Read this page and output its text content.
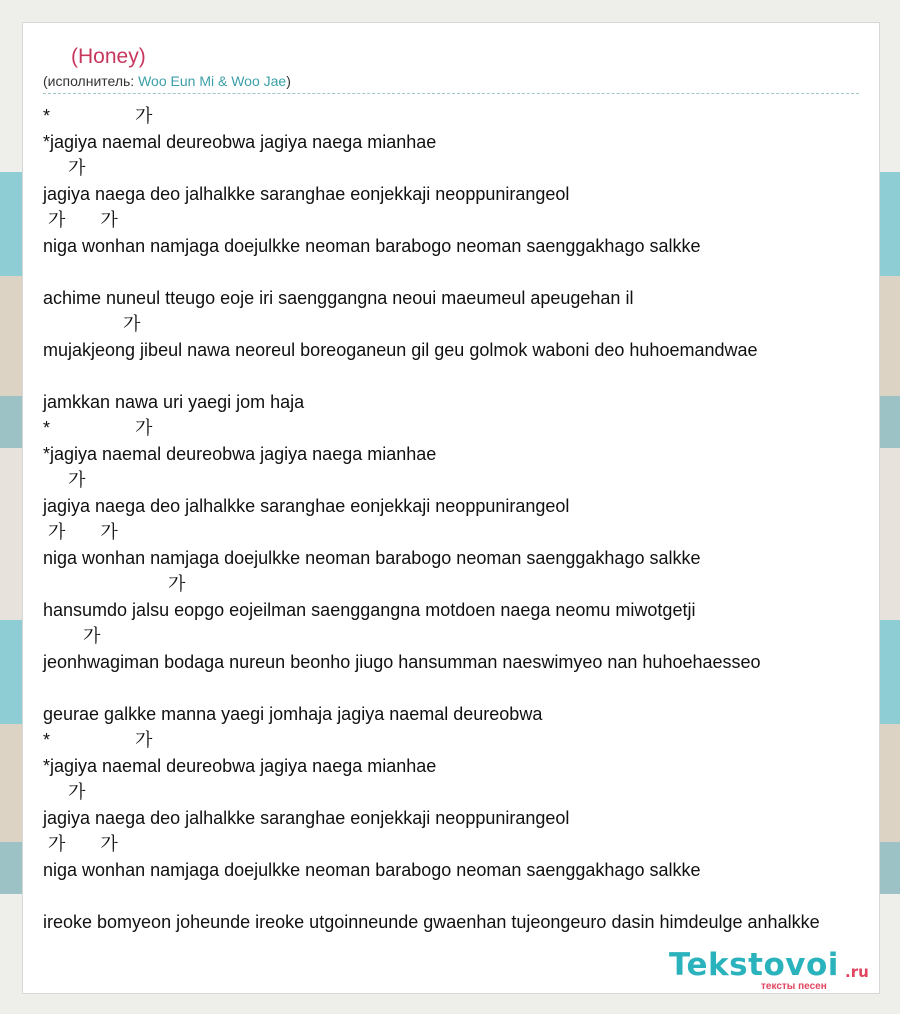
(Honey)
(исполнитель: Woo Eun Mi & Woo Jae)
*                 가
*jagiya naemal deureobwa jagiya naega mianhae
가
jagiya naega deo jalhalkke saranghae eonjekkaji neoppunirangeol
가       가
niga wonhan namjaga doejulkke neoman barabogo neoman saenggakhago salkke
achime nuneul tteugo eoje iri saenggangna neoui maeumeul apeugehan il
가
mujakjeong jibeul nawa neoreul boreoganeun gil geu golmok waboni deo huhoemandwae
jamkkan nawa uri yaegi jom haja
*                 가
*jagiya naemal deureobwa jagiya naega mianhae
가
jagiya naega deo jalhalkke saranghae eonjekkaji neoppunirangeol
가       가
niga wonhan namjaga doejulkke neoman barabogo neoman saenggakhago salkke
가
hansumdo jalsu eopgo eojeilman saenggangna motdoen naega neomu miwotgetji
가
jeonhwagiman bodaga nureun beonho jiugo hansumman naeswimyeo nan huhoehaesseo
geurae galkke manna yaegi jomhaja jagiya naemal deureobwa
*                 가
*jagiya naemal deureobwa jagiya naega mianhae
가
jagiya naega deo jalhalkke saranghae eonjekkaji neoppunirangeol
가       가
niga wonhan namjaga doejulkke neoman barabogo neoman saenggakhago salkke
ireoke bomyeon joheunde ireoke utgoinneunde gwaenhan tujeongeuro dasin himdeulge anhalkke
Tekstovoi .ru
тексты песен
